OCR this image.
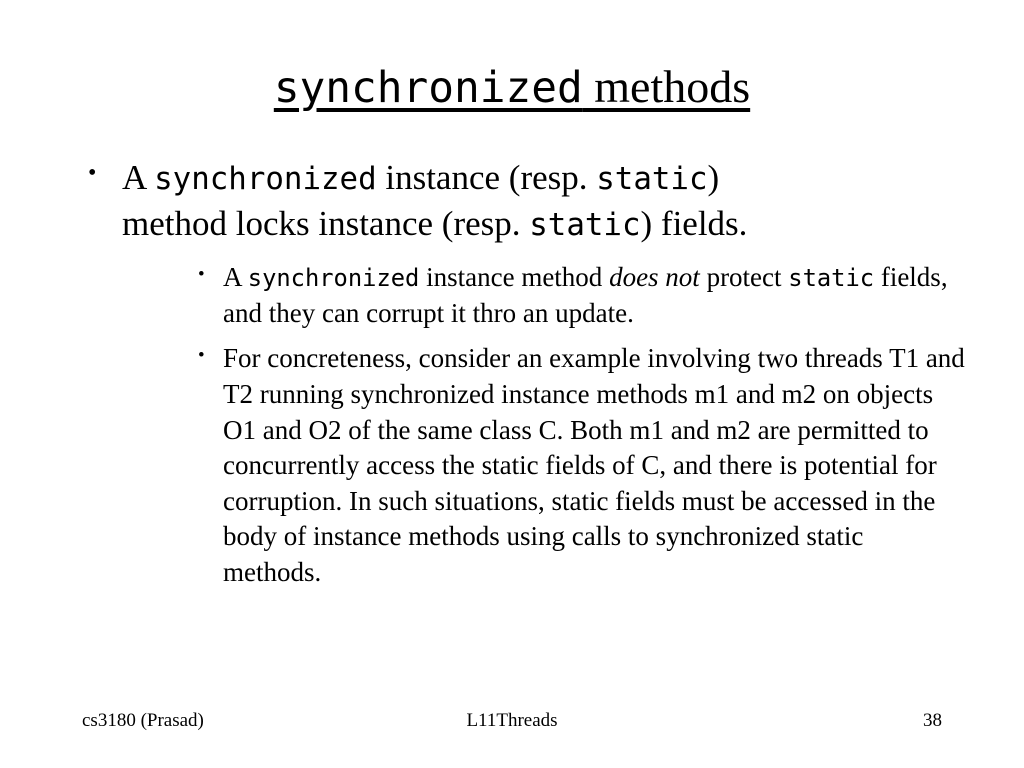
synchronized methods
• A synchronized instance (resp. static)
method locks instance (resp. static) fields.
• A synchronized instance method does not protect static fields, and they can corrupt it thro an update.
• For concreteness, consider an example involving two threads T1 and T2 running synchronized instance methods m1 and m2 on objects O1 and O2 of the same class C. Both m1 and m2 are permitted to concurrently access the static fields of C, and there is potential for corruption. In such situations, static fields must be accessed in the body of instance methods using calls to synchronized static methods.
cs3180 (Prasad)	L11Threads	38
